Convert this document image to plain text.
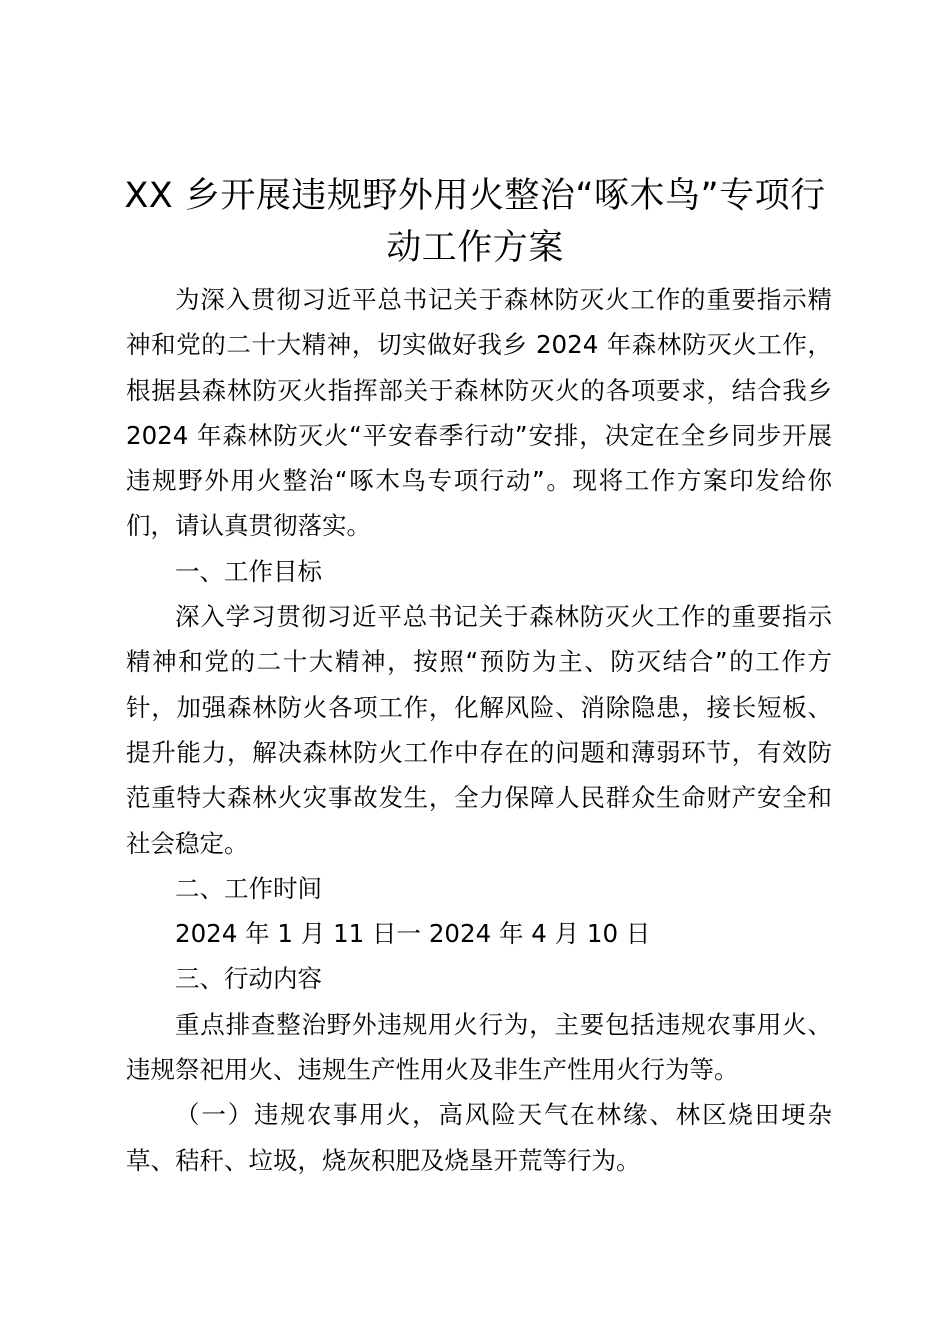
XX 乡开展违规野外用火整治“啄木鸟”专项行动工作方案

为深入贯彻习近平总书记关于森林防灭火工作的重要指示精神和党的二十大精神，切实做好我乡 2024 年森林防灭火工作，根据县森林防灭火指挥部关于森林防灭火的各项要求，结合我乡 2024 年森林防灭火“平安春季行动”安排，决定在全乡同步开展违规野外用火整治“啄木鸟专项行动”。现将工作方案印发给你们，请认真贯彻落实。

一、工作目标

深入学习贯彻习近平总书记关于森林防灭火工作的重要指示精神和党的二十大精神，按照“预防为主、防灭结合”的工作方针，加强森林防火各项工作，化解风险、消除隐患，接长短板、提升能力，解决森林防火工作中存在的问题和薄弱环节，有效防范重特大森林火灾事故发生，全力保障人民群众生命财产安全和社会稳定。

二、工作时间

2024 年 1 月 11 日一 2024 年 4 月 10 日

三、行动内容

重点排查整治野外违规用火行为，主要包括违规农事用火、违规祭祀用火、违规生产性用火及非生产性用火行为等。

（一）违规农事用火，高风险天气在林缘、林区烧田埂杂草、秸秆、垃圾，烧灰积肥及烧垦开荒等行为。
